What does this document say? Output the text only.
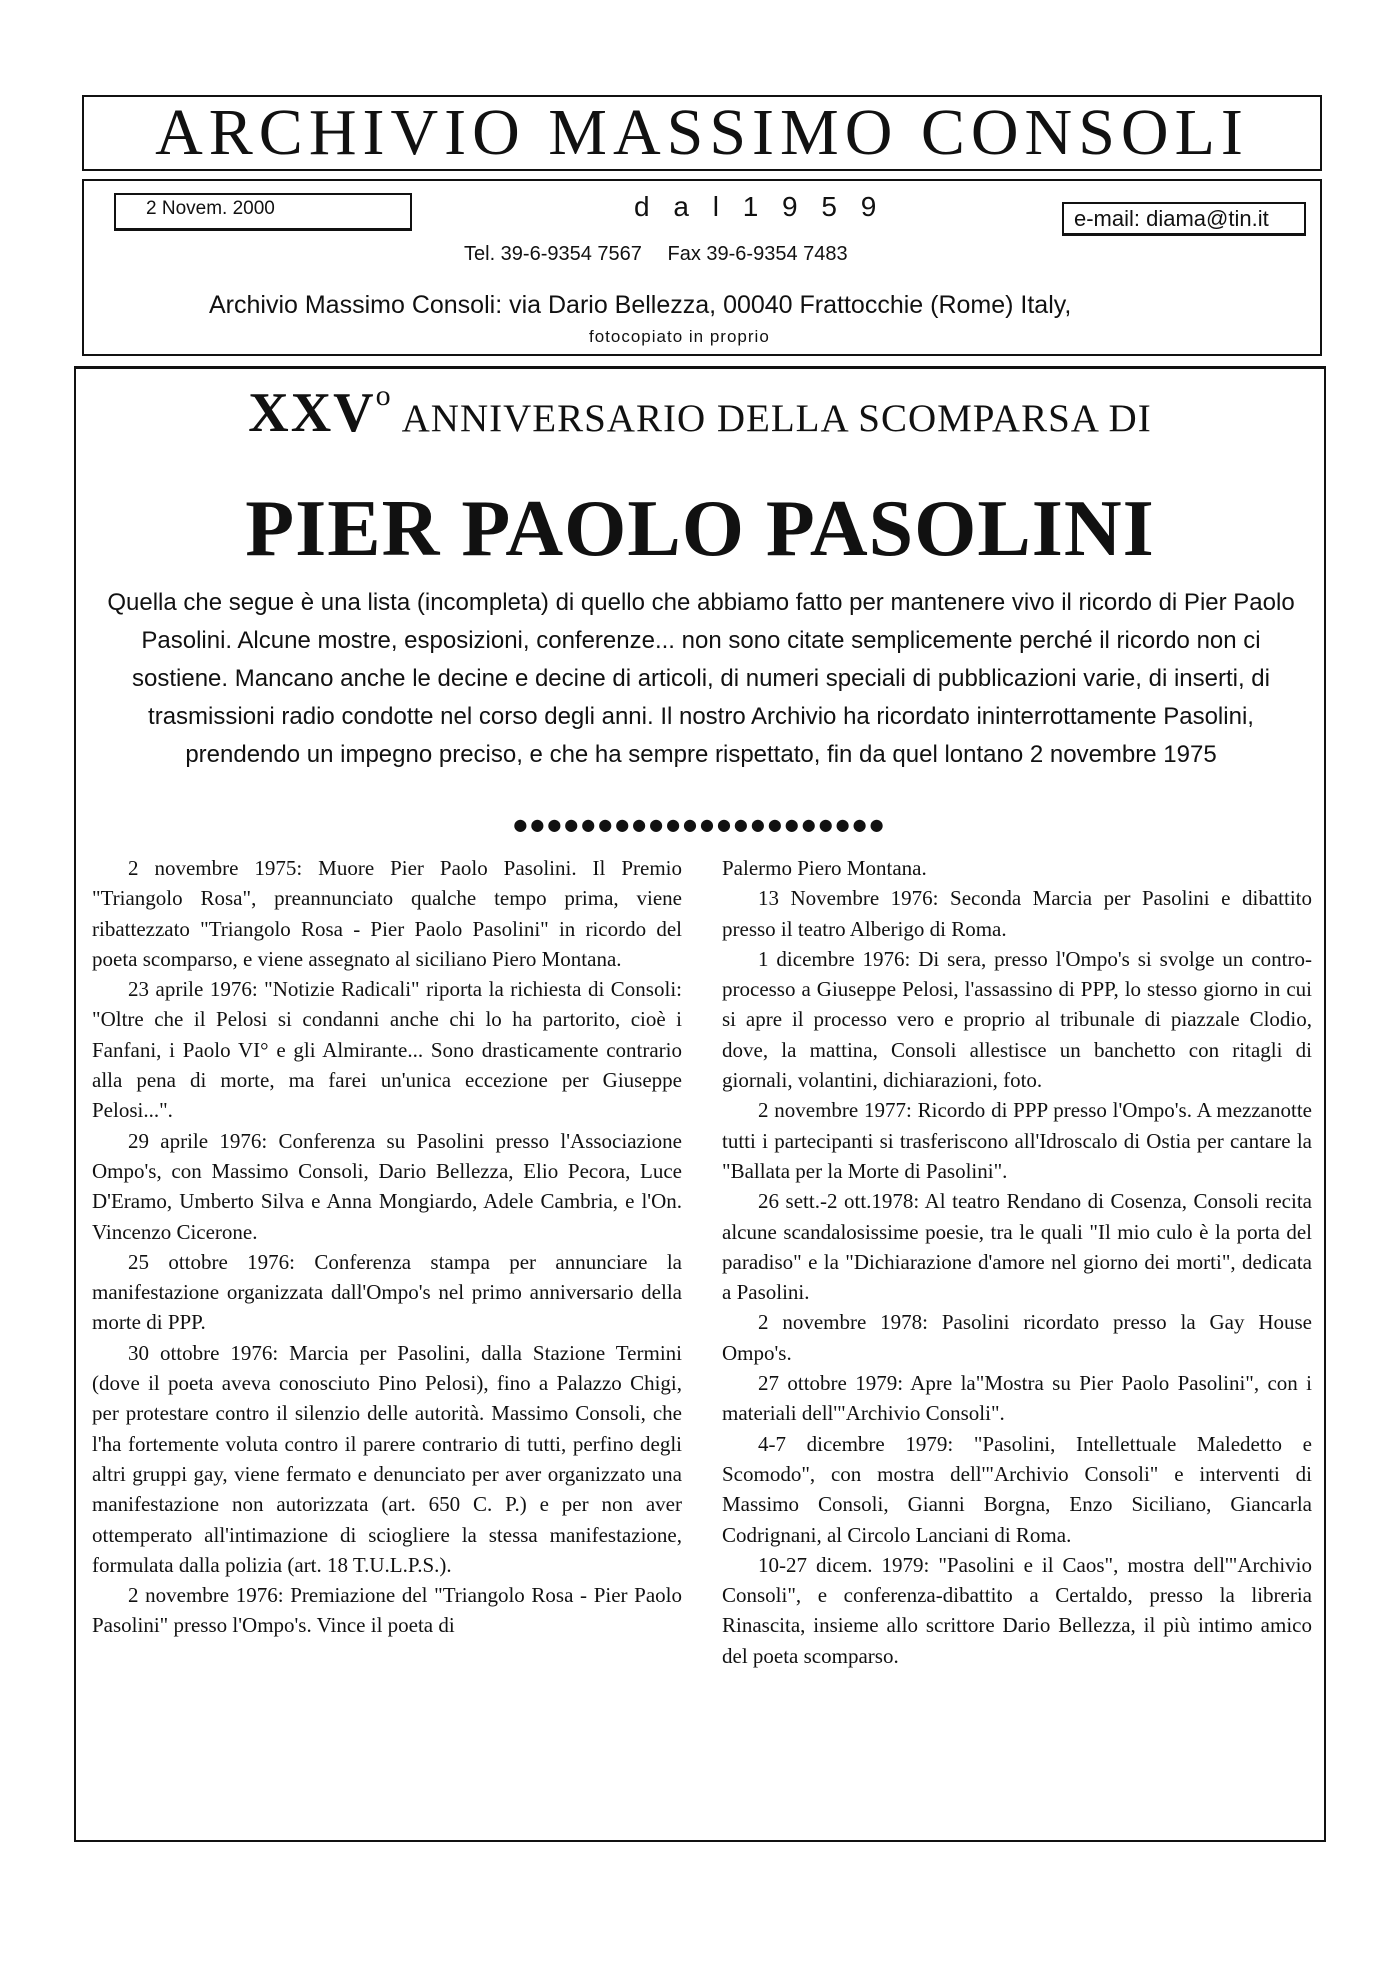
ARCHIVIO MASSIMO CONSOLI
2 Novem. 2000	d a l 1 9 5 9	e-mail: diama@tin.it
Tel. 39-6-9354 7567 Fax 39-6-9354 7483
Archivio Massimo Consoli: via Dario Bellezza, 00040 Frattocchie (Rome) Italy,
fotocopiato in proprio
XXV$^o$ANNIVERSARIO DELLA SCOMPARSA DI
PIER PAOLO PASOLINI
Quella che segue è una lista (incompleta) di quello che abbiamo fatto per mantenere vivo il ricordo di Pier Paolo Pasolini. Alcune mostre, esposizioni, conferenze... non sono citate semplicemente perché il ricordo non ci sostiene. Mancano anche le decine e decine di articoli, di numeri speciali di pubblicazioni varie, di inserti, di trasmissioni radio condotte nel corso degli anni. Il nostro Archivio ha ricordato ininterrottamente Pasolini, prendendo un impegno preciso, e che ha sempre rispettato, fin da quel lontano 2 novembre 1975
●●●●●●●●●●●●●●●●●●●●●●

2 novembre 1975: Muore Pier Paolo Pasolini. Il Premio "Triangolo Rosa", preannunciato qualche tempo prima, viene ribattezzato "Triangolo Rosa - Pier Paolo Pasolini" in ricordo del poeta scomparso, e viene assegnato al siciliano Piero Montana.

23 aprile 1976: "Notizie Radicali" riporta la richiesta di Consoli: "Oltre che il Pelosi si condanni anche chi lo ha partorito, cioè i Fanfani, i Paolo VI° e gli Almirante... Sono drasticamente contrario alla pena di morte, ma farei un'unica eccezione per Giuseppe Pelosi...".

29 aprile 1976: Conferenza su Pasolini presso l'Associazione Ompo's, con Massimo Consoli, Dario Bellezza, Elio Pecora, Luce D'Eramo, Umberto Silva e Anna Mongiardo, Adele Cambria, e l'On. Vincenzo Cicerone.

25 ottobre 1976: Conferenza stampa per annunciare la manifestazione organizzata dall'Ompo's nel primo anniversario della morte di PPP.

30 ottobre 1976: Marcia per Pasolini, dalla Stazione Termini (dove il poeta aveva conosciuto Pino Pelosi), fino a Palazzo Chigi, per protestare contro il silenzio delle autorità. Massimo Consoli, che l'ha fortemente voluta contro il parere contrario di tutti, perfino degli altri gruppi gay, viene fermato e denunciato per aver organizzato una manifestazione non autorizzata (art. 650 C. P.) e per non aver ottemperato all'intimazione di sciogliere la stessa manifestazione, formulata dalla polizia (art. 18 T.U.L.P.S.).

2 novembre 1976: Premiazione del "Triangolo Rosa - Pier Paolo Pasolini" presso l'Ompo's. Vince il poeta di

Palermo Piero Montana.

13 Novembre 1976: Seconda Marcia per Pasolini e dibattito presso il teatro Alberigo di Roma.

1 dicembre 1976: Di sera, presso l'Ompo's si svolge un contro-processo a Giuseppe Pelosi, l'assassino di PPP, lo stesso giorno in cui si apre il processo vero e proprio al tribunale di piazzale Clodio, dove, la mattina, Consoli allestisce un banchetto con ritagli di giornali, volantini, dichiarazioni, foto.

2 novembre 1977: Ricordo di PPP presso l'Ompo's. A mezzanotte tutti i partecipanti si trasferiscono all'Idroscalo di Ostia per cantare la "Ballata per la Morte di Pasolini".

26 sett.-2 ott.1978: Al teatro Rendano di Cosenza, Consoli recita alcune scandalosissime poesie, tra le quali "Il mio culo è la porta del paradiso" e la "Dichiarazione d'amore nel giorno dei morti", dedicata a Pasolini.

2 novembre 1978: Pasolini ricordato presso la Gay House Ompo's.

27 ottobre 1979: Apre la"Mostra su Pier Paolo Pasolini", con i materiali dell'"Archivio Consoli".

4-7 dicembre 1979: "Pasolini, Intellettuale Maledetto e Scomodo", con mostra dell'"Archivio Consoli" e interventi di Massimo Consoli, Gianni Borgna, Enzo Siciliano, Giancarla Codrignani, al Circolo Lanciani di Roma.

10-27 dicem. 1979: "Pasolini e il Caos", mostra dell'"Archivio Consoli", e conferenza-dibattito a Certaldo, presso la libreria Rinascita, insieme allo scrittore Dario Bellezza, il più intimo amico del poeta scomparso.
